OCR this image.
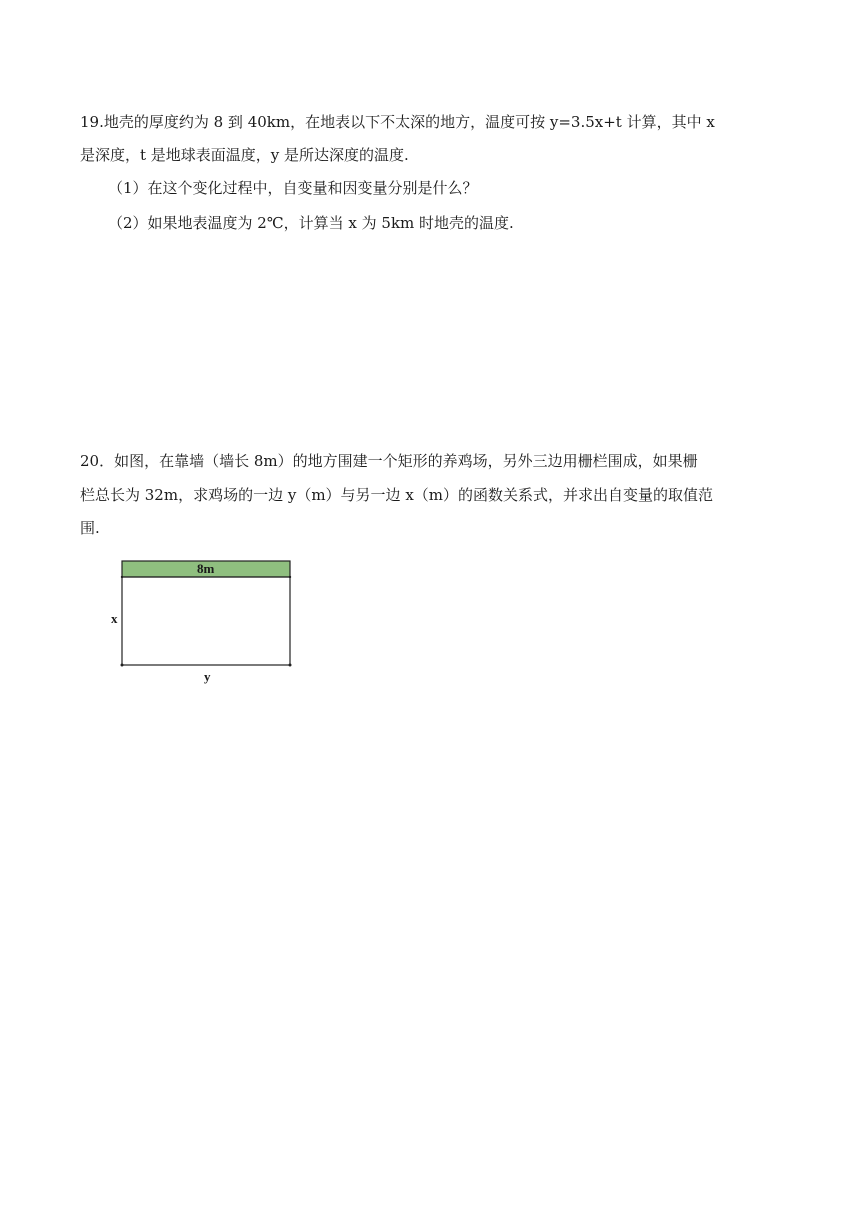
19.地壳的厚度约为 8 到 40km，在地表以下不太深的地方，温度可按 y=3.5x+t 计算，其中 x
是深度，t 是地球表面温度，y 是所达深度的温度.
（1）在这个变化过程中，自变量和因变量分别是什么？
（2）如果地表温度为 2℃，计算当 x 为 5km 时地壳的温度.
20．如图，在靠墙（墙长 8m）的地方围建一个矩形的养鸡场，另外三边用栅栏围成，如果栅
栏总长为 32m，求鸡场的一边 y（m）与另一边 x（m）的函数关系式，并求出自变量的取值范
围.
8m
x
y
